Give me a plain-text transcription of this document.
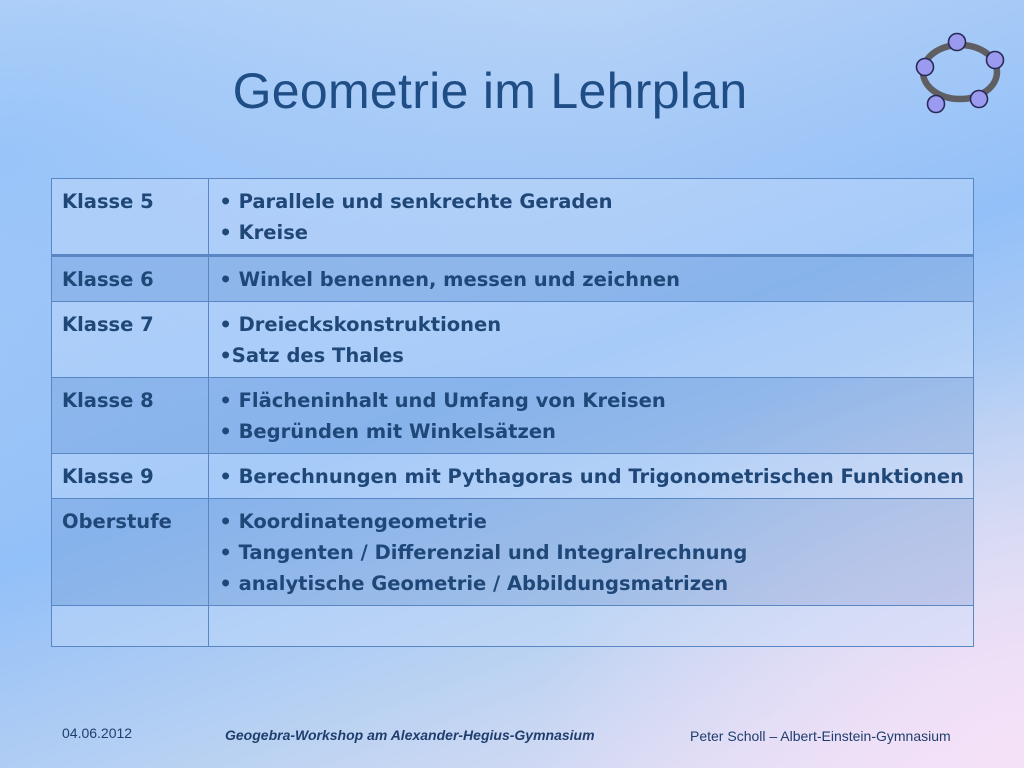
Geometrie im Lehrplan
Klasse 5	• Parallele und senkrechte Geraden
• Kreise

Klasse 6	• Winkel benennen, messen und zeichnen

Klasse 7	• Dreieckskonstruktionen
•Satz des Thales

Klasse 8	• Flächeninhalt und Umfang von Kreisen
• Begründen mit Winkelsätzen

Klasse 9	• Berechnungen mit Pythagoras und Trigonometrischen Funktionen

Oberstufe	• Koordinatengeometrie
• Tangenten / Differenzial und Integralrechnung
• analytische Geometrie / Abbildungsmatrizen

04.06.2012	Geogebra-Workshop am Alexander-Hegius-Gymnasium	Peter Scholl – Albert-Einstein-Gymnasium
